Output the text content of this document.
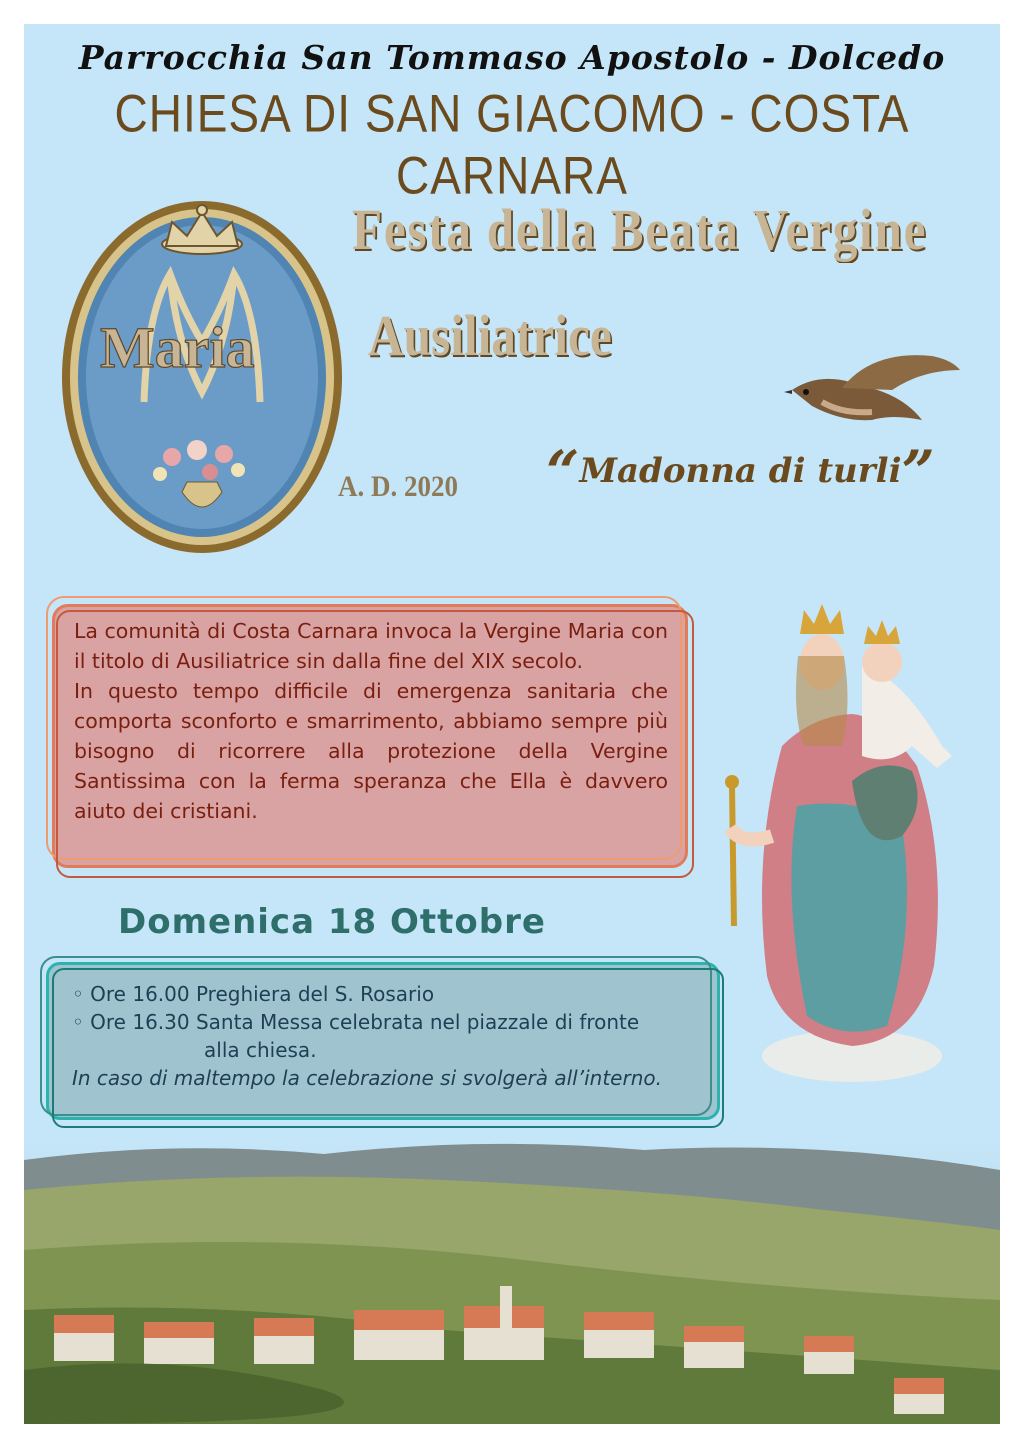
Parrocchia San Tommaso Apostolo - Dolcedo
CHIESA DI SAN GIACOMO - COSTA CARNARA
Maria
Festa della Beata Vergine
Ausiliatrice
A. D. 2020 “Madonna di turli”

La comunità di Costa Carnara invoca la Vergine Maria con il titolo di Ausiliatrice sin dalla fine del XIX secolo.

In questo tempo difficile di emergenza sanitaria che comporta sconforto e smarrimento, abbiamo sempre più bisogno di ricorrere alla protezione della Vergine Santissima con la ferma speranza che Ella è davvero aiuto dei cristiani.

Domenica 18 Ottobre
◦ Ore 16.00 Preghiera del S. Rosario
◦ Ore 16.30 Santa Messa celebrata nel piazzale di fronte
alla chiesa.
In caso di maltempo la celebrazione si svolgerà all’interno.
